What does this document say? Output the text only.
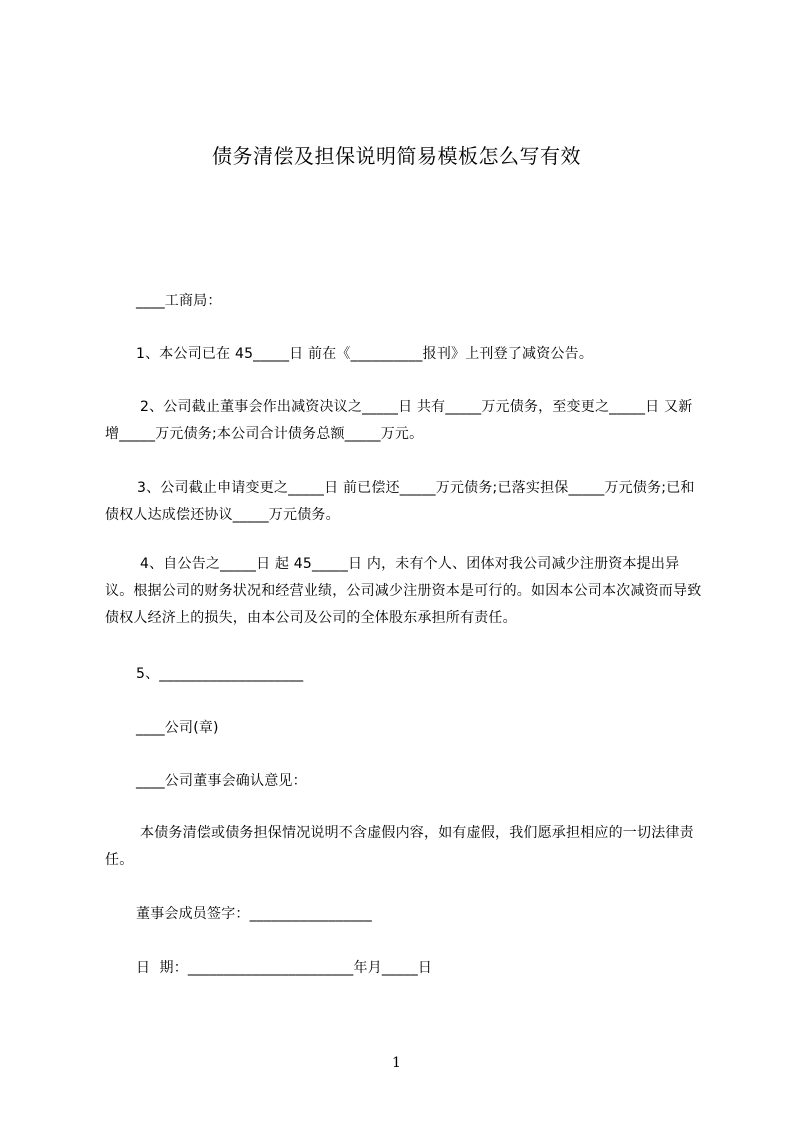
债务清偿及担保说明简易模板怎么写有效
____工商局：
1、本公司已在 45_____日 前在《__________报刊》上刊登了减资公告。
2、公司截止董事会作出减资决议之_____日 共有_____万元债务，至变更之_____日 又新增_____万元债务;本公司合计债务总额_____万元。
3、公司截止申请变更之_____日 前已偿还_____万元债务;已落实担保_____万元债务;已和债权人达成偿还协议_____万元债务。
4、自公告之_____日 起 45_____日 内，未有个人、团体对我公司减少注册资本提出异议。根据公司的财务状况和经营业绩，公司减少注册资本是可行的。如因本公司本次减资而导致债权人经济上的损失，由本公司及公司的全体股东承担所有责任。
5、____________________
____公司(章)
____公司董事会确认意见：
本债务清偿或债务担保情况说明不含虚假内容，如有虚假，我们愿承担相应的一切法律责任。
董事会成员签字：_________________
日  期：_______________________年月_____日
1
